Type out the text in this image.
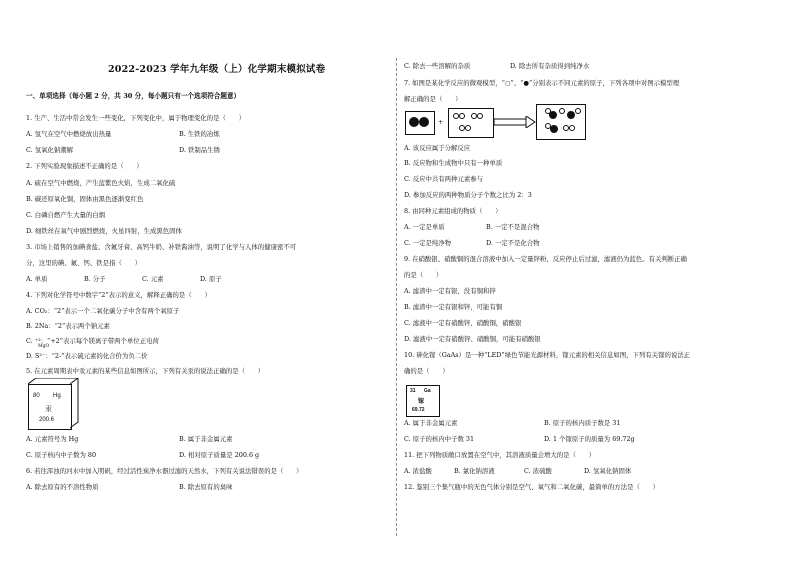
2022-2023 学年九年级（上）化学期末模拟试卷
一、单项选择（每小题 2 分，共 30 分，每小题只有一个选项符合题意）
1. 生产、生活中常会发生一些变化，下列变化中，属于物理变化的是（　　）
A. 氢气在空气中燃烧放出热量	B. 生铁的冶炼
C. 氢氧化钠潮解	D. 铁制品生锈
2. 下列实验现象描述不正确的是（　　）
A. 硫在空气中燃烧，产生蓝紫色火焰，生成二氧化硫
B. 碳还原氧化铜，固体由黑色逐渐变红色
C. 白磷自燃产生大量的白烟
D. 细铁丝在氧气中剧烈燃烧，火星四射，生成黑色固体
3. 市场上销售的加碘食盐、含氟牙膏、高钙牛奶、补铁酱油等，说明了化学与人体的健康密不可
分，这里的碘、氟、钙、铁是指（　　）
A. 单质	B. 分子	C. 元素	D. 原子
4. 下列对化学符号中数字“2”表示的意义，解释正确的是（　　）
A. CO₂：“2”表示一个二氧化碳分子中含有两个氧原子
B. 2Na：“2”表示两个钠元素
C. ⁺²：“+2”表示每个镁离子带两个单位正电荷
MgO
D. S²⁻：“2-”表示硫元素的化合价为负二价
5. 在元素周期表中汞元素的某些信息如图所示，下列有关汞的说法正确的是（　　）
80 Hg
汞
200.6
A. 元素符号为 Hg	B. 属于非金属元素
C. 原子核内中子数为 80	D. 相对原子质量是 200.6 g
6. 若往浑浊的河水中加入明矾，经过活性炭净水器过滤的天然水，下列有关说法错误的是（　　）
A. 除去原有的不溶性物质	B. 除去原有的臭味
C. 除去一些溶解的杂质	D. 除去所有杂质得到纯净水
7. 如图是某化学反应的微观模型，“○”、“●”分别表示不同元素的原子，下列各项中对图示模型理
解正确的是（　　）
+
A. 该反应属于分解反应
B. 反应物和生成物中只有一种单质
C. 反应中共有两种元素参与
D. 参加反应的两种物质分子个数之比为 2：3
8. 由同种元素组成的物质（　　）
A. 一定是单质	B. 一定不是混合物
C. 一定是纯净物	D. 一定不是化合物
9. 在硝酸银、硝酸铜的混合溶液中加入一定量锌粉，反应停止后过滤，滤液仍为蓝色。有关判断正确
的是（　　）
A. 滤渣中一定有银，没有铜和锌
B. 滤渣中一定有银和锌，可能有铜
C. 滤液中一定有硝酸锌、硝酸铜，硝酸银
D. 滤液中一定有硝酸锌、硝酸铜，可能有硝酸银
10. 砷化镓（GaAs）是一种“LED”绿色节能光源材料，镓元素的相关信息如图，下列有关镓的说法正
确的是（　　）
31 Ga
镓
69.72
A. 属于非金属元素	B. 原子的核内质子数是 31
C. 原子的核内中子数 31	D. 1 个镓原子的质量为 69.72g
11. 把下列物质敞口放置在空气中，其溶液质量会增大的是（　　）
A. 浓盐酸	B. 氯化钠溶液	C. 浓硫酸	D. 氢氧化钠固体
12. 鉴别三个集气瓶中的无色气体分别是空气、氧气和二氧化碳，最简单的方法是（　　）
